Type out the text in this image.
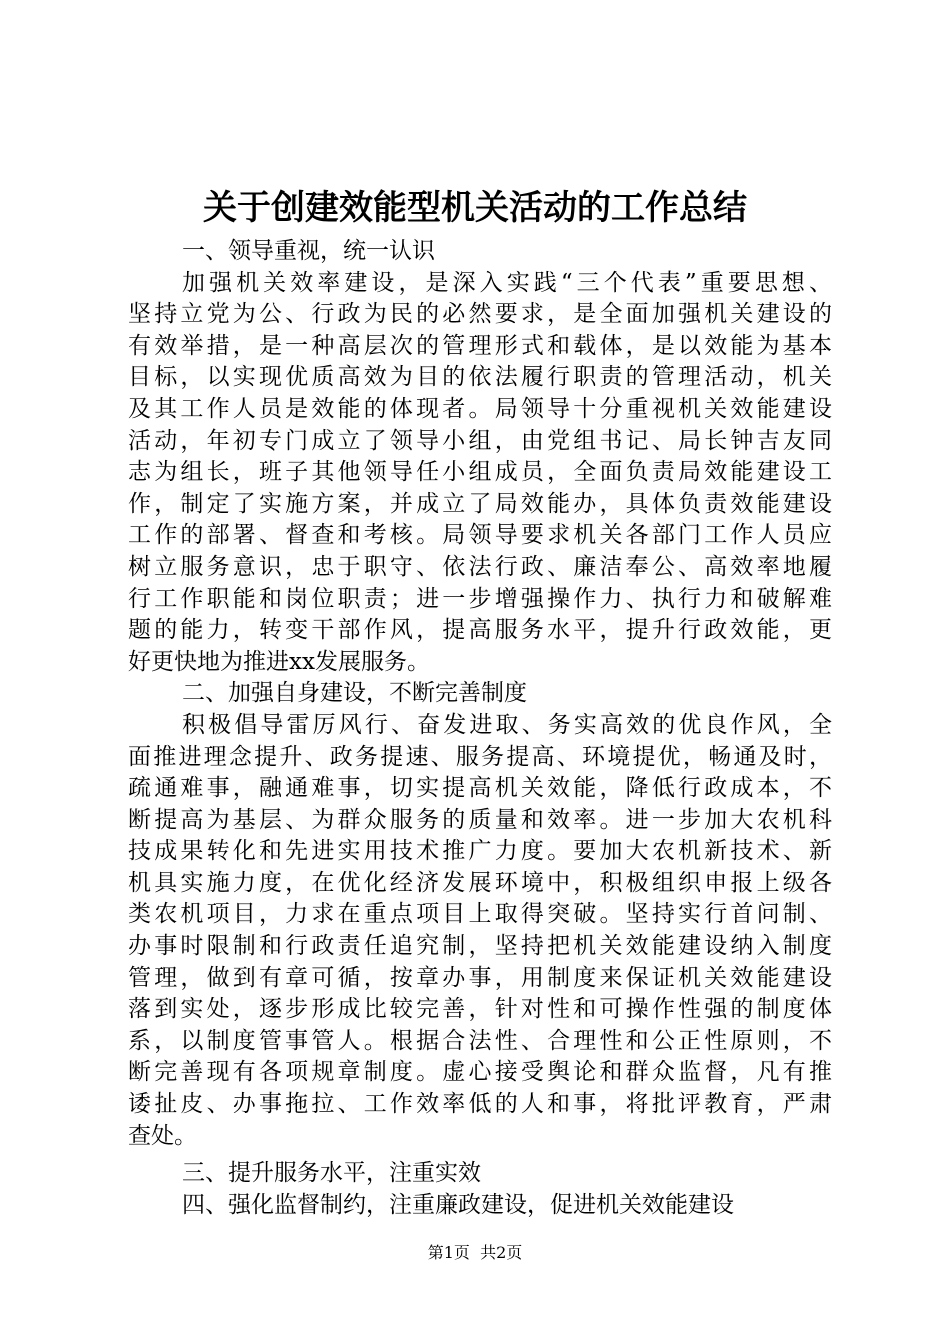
关于创建效能型机关活动的工作总结
一、领导重视，统一认识
加强机关效率建设，是深入实践“三个代表”重要思想、
坚持立党为公、行政为民的必然要求，是全面加强机关建设的
有效举措，是一种高层次的管理形式和载体，是以效能为基本
目标，以实现优质高效为目的依法履行职责的管理活动，机关
及其工作人员是效能的体现者。局领导十分重视机关效能建设
活动，年初专门成立了领导小组，由党组书记、局长钟吉友同
志为组长，班子其他领导任小组成员，全面负责局效能建设工
作，制定了实施方案，并成立了局效能办，具体负责效能建设
工作的部署、督查和考核。局领导要求机关各部门工作人员应
树立服务意识，忠于职守、依法行政、廉洁奉公、高效率地履
行工作职能和岗位职责；进一步增强操作力、执行力和破解难
题的能力，转变干部作风，提高服务水平，提升行政效能，更
好更快地为推进xx发展服务。
二、加强自身建设，不断完善制度
积极倡导雷厉风行、奋发进取、务实高效的优良作风，全
面推进理念提升、政务提速、服务提高、环境提优，畅通及时，
疏通难事，融通难事，切实提高机关效能，降低行政成本，不
断提高为基层、为群众服务的质量和效率。进一步加大农机科
技成果转化和先进实用技术推广力度。要加大农机新技术、新
机具实施力度，在优化经济发展环境中，积极组织申报上级各
类农机项目，力求在重点项目上取得突破。坚持实行首问制、
办事时限制和行政责任追究制，坚持把机关效能建设纳入制度
管理，做到有章可循，按章办事，用制度来保证机关效能建设
落到实处，逐步形成比较完善，针对性和可操作性强的制度体
系，以制度管事管人。根据合法性、合理性和公正性原则，不
断完善现有各项规章制度。虚心接受舆论和群众监督，凡有推
诿扯皮、办事拖拉、工作效率低的人和事，将批评教育，严肃
查处。
三、提升服务水平，注重实效
四、强化监督制约，注重廉政建设，促进机关效能建设
第1页  共2页
